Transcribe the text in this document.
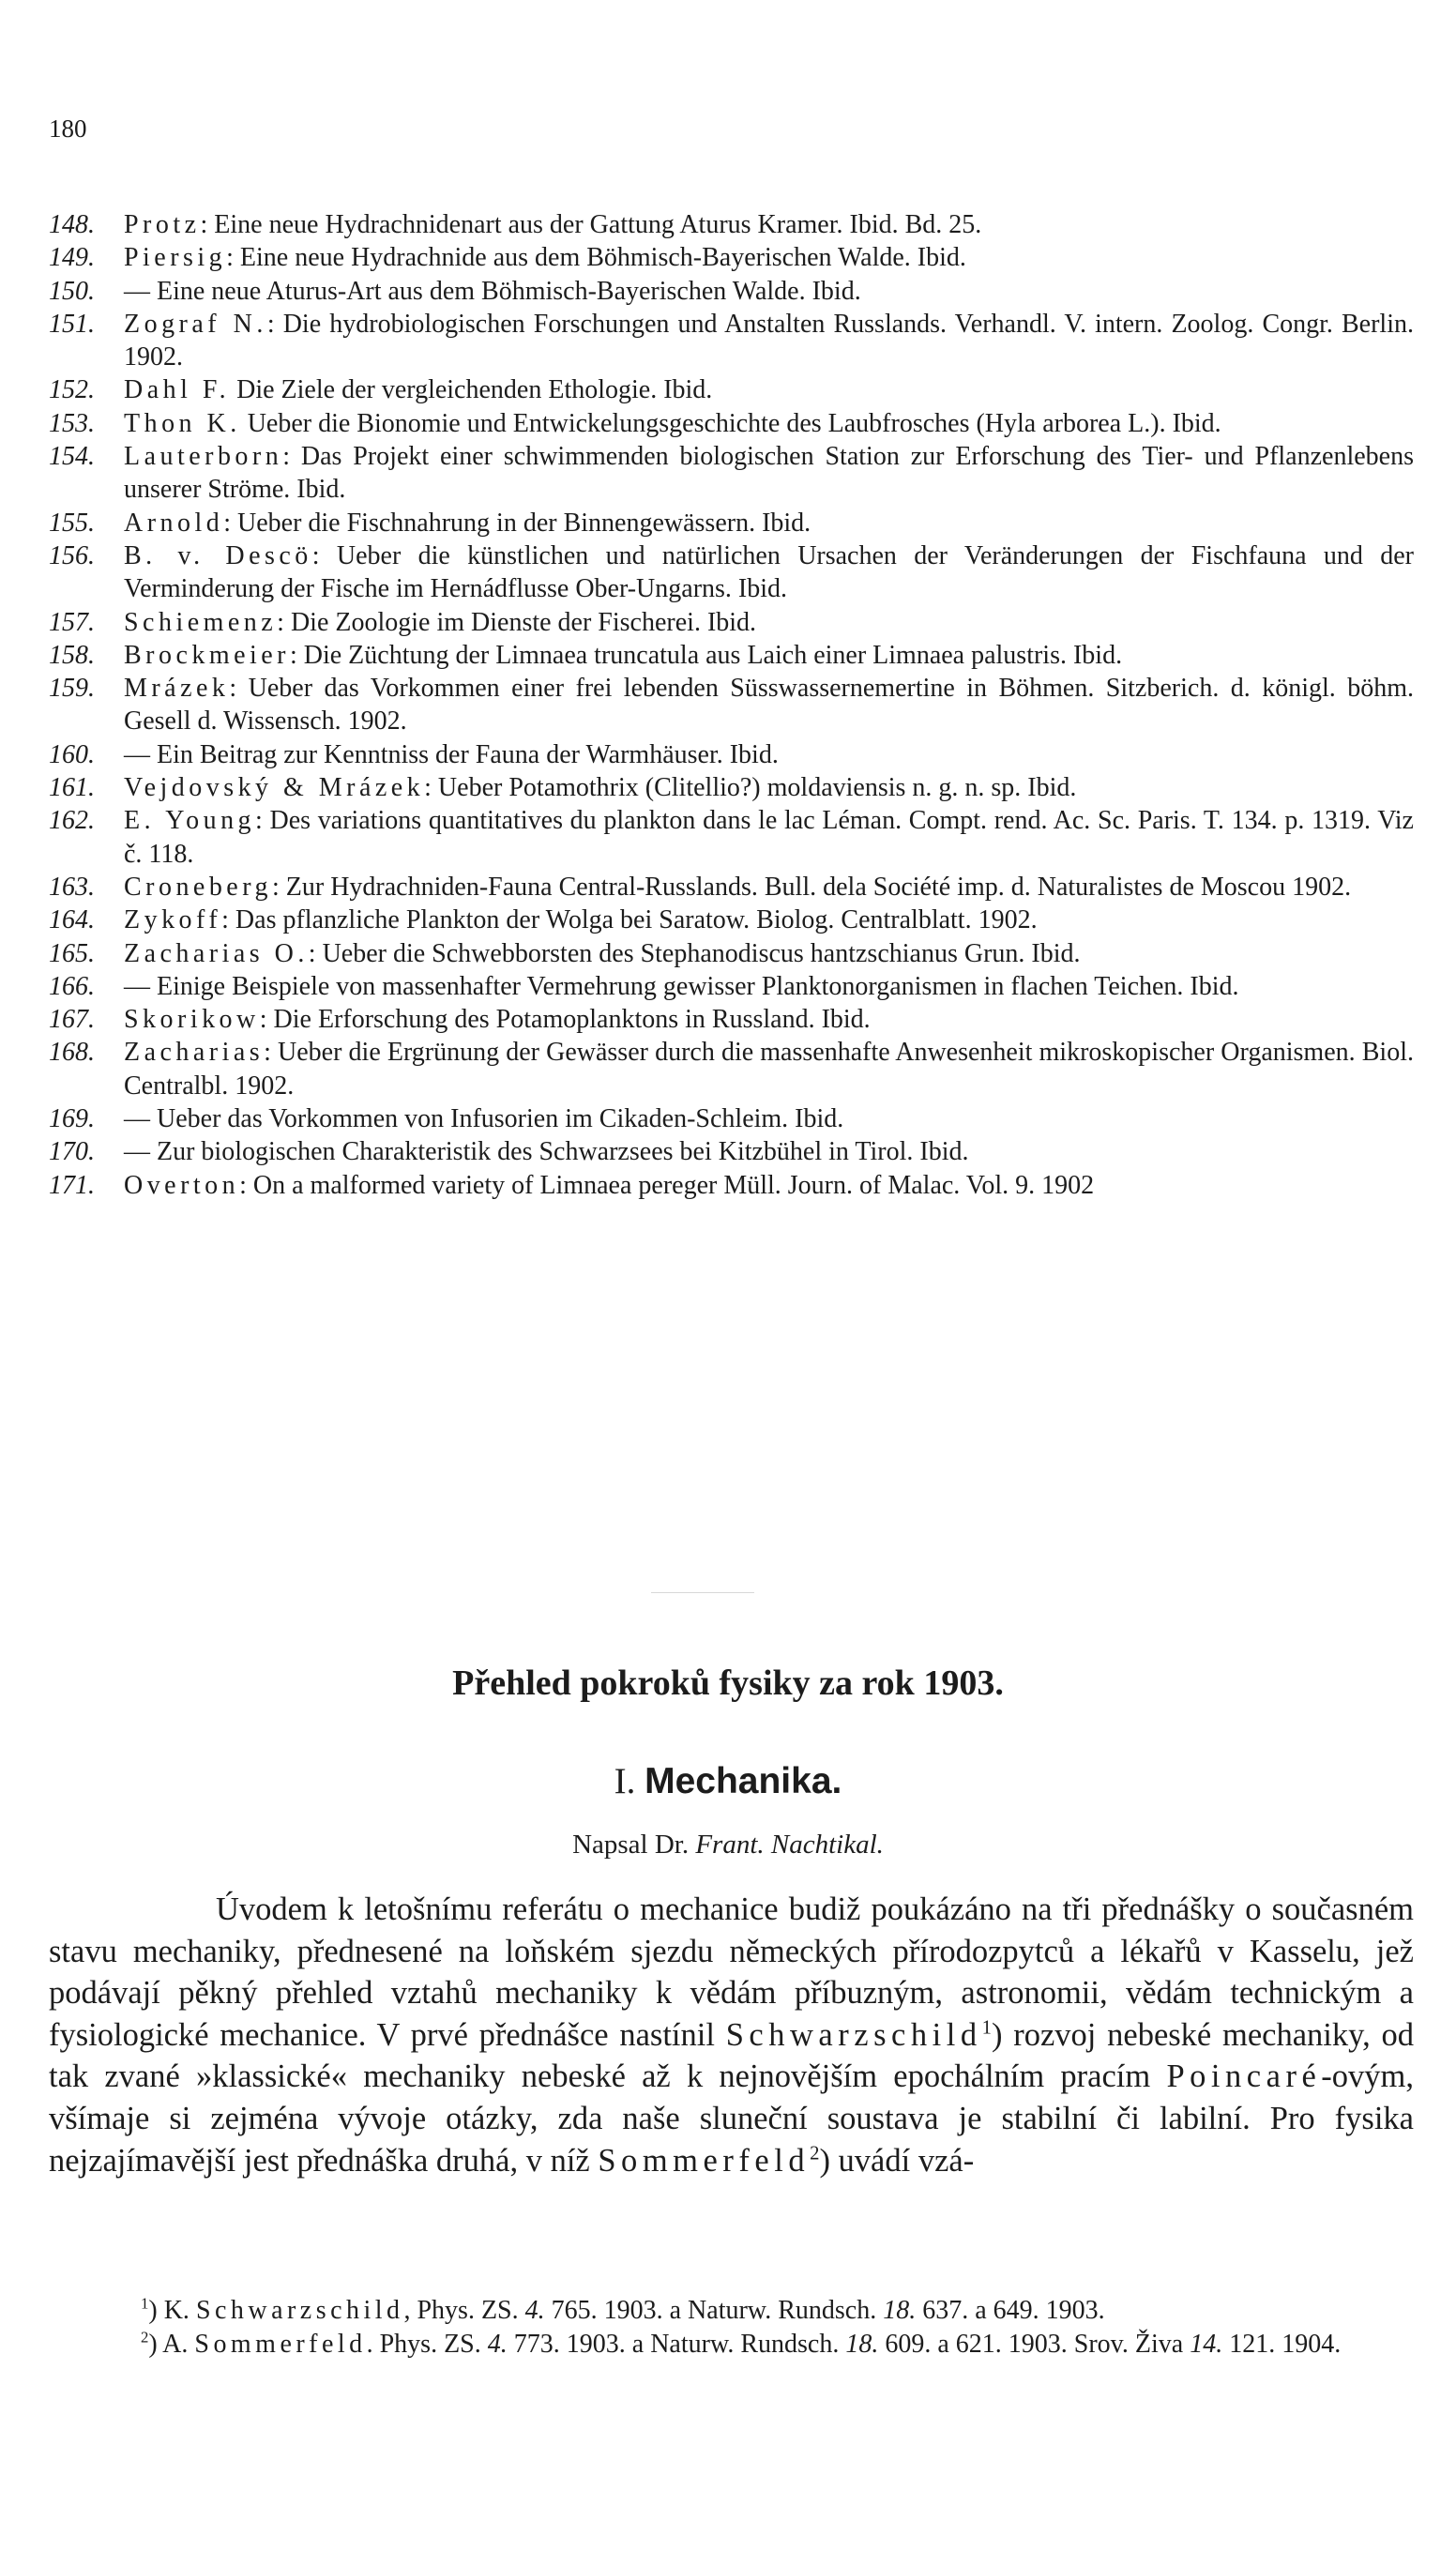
180
148. Protz: Eine neue Hydrachnidenart aus der Gattung Aturus Kramer. Ibid. Bd. 25.
149. Piersig: Eine neue Hydrachnide aus dem Böhmisch-Bayerischen Walde. Ibid.
150. — Eine neue Aturus-Art aus dem Böhmisch-Bayerischen Walde. Ibid.
151. Zograf N.: Die hydrobiologischen Forschungen und Anstalten Russlands. Verhandl. V. intern. Zoolog. Congr. Berlin. 1902.
152. Dahl F. Die Ziele der vergleichenden Ethologie. Ibid.
153. Thon K. Ueber die Bionomie und Entwickelungsgeschichte des Laubfrosches (Hyla arborea L.). Ibid.
154. Lauterborn: Das Projekt einer schwimmenden biologischen Station zur Erforschung des Tier- und Pflanzenlebens unserer Ströme. Ibid.
155. Arnold: Ueber die Fischnahrung in der Binnengewässern. Ibid.
156. B. v. Descö: Ueber die künstlichen und natürlichen Ursachen der Veränderungen der Fischfauna und der Verminderung der Fische im Hernádflusse Ober-Ungarns. Ibid.
157. Schiemenz: Die Zoologie im Dienste der Fischerei. Ibid.
158. Brockmeier: Die Züchtung der Limnaea truncatula aus Laich einer Limnaea palustris. Ibid.
159. Mrázek: Ueber das Vorkommen einer frei lebenden Süsswassernemertine in Böhmen. Sitzberich. d. königl. böhm. Gesell d. Wissensch. 1902.
160. — Ein Beitrag zur Kenntniss der Fauna der Warmhäuser. Ibid.
161. Vejdovský & Mrázek: Ueber Potamothrix (Clitellio?) moldaviensis n. g. n. sp. Ibid.
162. E. Young: Des variations quantitatives du plankton dans le lac Léman. Compt. rend. Ac. Sc. Paris. T. 134. p. 1319. Viz č. 118.
163. Croneberg: Zur Hydrachniden-Fauna Central-Russlands. Bull. dela Société imp. d. Naturalistes de Moscou 1902.
164. Zykoff: Das pflanzliche Plankton der Wolga bei Saratow. Biolog. Centralblatt. 1902.
165. Zacharias O.: Ueber die Schwebborsten des Stephanodiscus hantzschianus Grun. Ibid.
166. — Einige Beispiele von massenhafter Vermehrung gewisser Planktonorganismen in flachen Teichen. Ibid.
167. Skorikow: Die Erforschung des Potamoplanktons in Russland. Ibid.
168. Zacharias: Ueber die Ergrünung der Gewässer durch die massenhafte Anwesenheit mikroskopischer Organismen. Biol. Centralbl. 1902.
169. — Ueber das Vorkommen von Infusorien im Cikaden-Schleim. Ibid.
170. — Zur biologischen Charakteristik des Schwarzsees bei Kitzbühel in Tirol. Ibid.
171. Overton: On a malformed variety of Limnaea pereger Müll. Journ. of Malac. Vol. 9. 1902
Přehled pokroků fysiky za rok 1903.
I. Mechanika.
Napsal Dr. Frant. Nachtikal.

Úvodem k letošnímu referátu o mechanice budiž poukázáno na tři přednášky o současném stavu mechaniky, přednesené na loňském sjezdu německých přírodozpytců a lékařů v Kasselu, jež podávají pěkný přehled vztahů mechaniky k vědám příbuzným, astronomii, vědám technickým a fysiologické mechanice. V prvé přednášce nastínil Schwarzschild$^1$) rozvoj nebeské mechaniky, od tak zvané »klassické« mechaniky nebeské až k nejnovějším epochálním pracím Poincaré-ovým, všímaje si zejména vývoje otázky, zda naše sluneční soustava je stabilní či labilní. Pro fysika nejzajímavější jest přednáška druhá, v níž Sommerfeld$^2$) uvádí vzá-

$^1$) K. Schwarzschild, Phys. ZS. 4. 765. 1903. a Naturw. Rundsch. 18. 637. a 649. 1903.

$^2$) A. Sommerfeld. Phys. ZS. 4. 773. 1903. a Naturw. Rundsch. 18. 609. a 621. 1903. Srov. Živa 14. 121. 1904.
